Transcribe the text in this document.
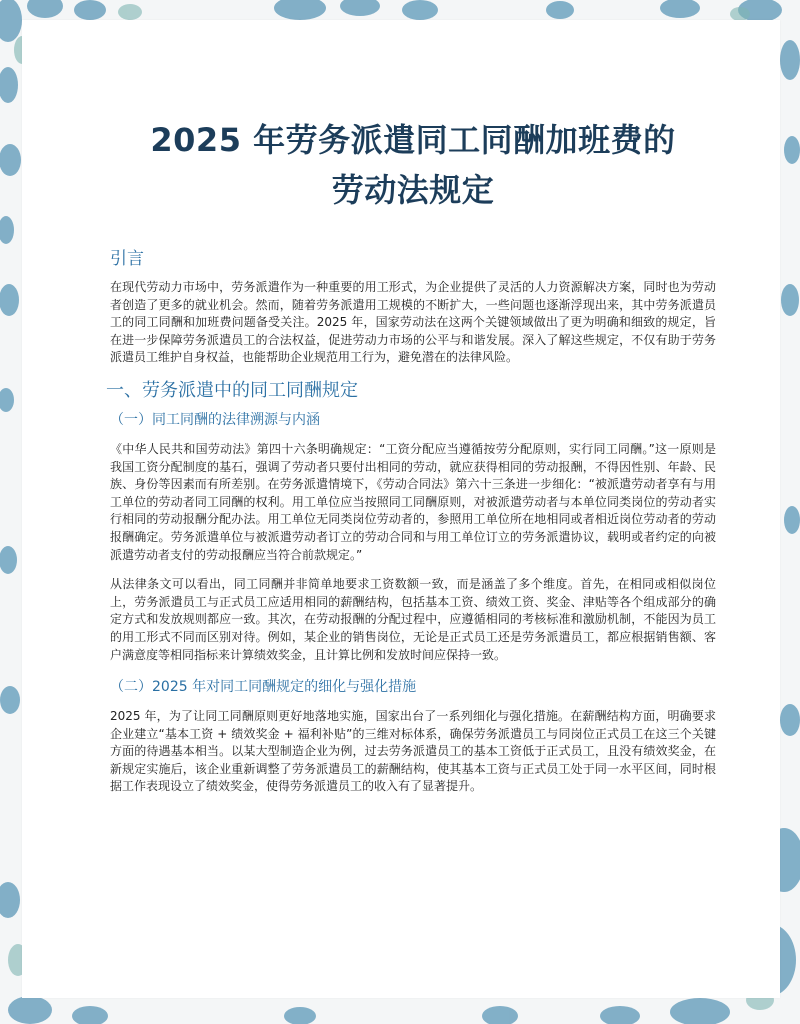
2025 年劳务派遣同工同酬加班费的
劳动法规定
引言

在现代劳动力市场中，劳务派遣作为一种重要的用工形式，为企业提供了灵活的人力资源解决方案，同时也为劳动者创造了更多的就业机会。然而，随着劳务派遣用工规模的不断扩大，一些问题也逐渐浮现出来，其中劳务派遣员工的同工同酬和加班费问题备受关注。2025 年，国家劳动法在这两个关键领域做出了更为明确和细致的规定，旨在进一步保障劳务派遣员工的合法权益，促进劳动力市场的公平与和谐发展。深入了解这些规定，不仅有助于劳务派遣员工维护自身权益，也能帮助企业规范用工行为，避免潜在的法律风险。

一、劳务派遣中的同工同酬规定
（一）同工同酬的法律溯源与内涵

《中华人民共和国劳动法》第四十六条明确规定：“工资分配应当遵循按劳分配原则，实行同工同酬。”这一原则是我国工资分配制度的基石，强调了劳动者只要付出相同的劳动，就应获得相同的劳动报酬，不得因性别、年龄、民族、身份等因素而有所差别。在劳务派遣情境下，《劳动合同法》第六十三条进一步细化：“被派遣劳动者享有与用工单位的劳动者同工同酬的权利。用工单位应当按照同工同酬原则，对被派遣劳动者与本单位同类岗位的劳动者实行相同的劳动报酬分配办法。用工单位无同类岗位劳动者的，参照用工单位所在地相同或者相近岗位劳动者的劳动报酬确定。劳务派遣单位与被派遣劳动者订立的劳动合同和与用工单位订立的劳务派遣协议，载明或者约定的向被派遣劳动者支付的劳动报酬应当符合前款规定。”

从法律条文可以看出，同工同酬并非简单地要求工资数额一致，而是涵盖了多个维度。首先，在相同或相似岗位上，劳务派遣员工与正式员工应适用相同的薪酬结构，包括基本工资、绩效工资、奖金、津贴等各个组成部分的确定方式和发放规则都应一致。其次，在劳动报酬的分配过程中，应遵循相同的考核标准和激励机制，不能因为员工的用工形式不同而区别对待。例如，某企业的销售岗位，无论是正式员工还是劳务派遣员工，都应根据销售额、客户满意度等相同指标来计算绩效奖金，且计算比例和发放时间应保持一致。

（二）2025 年对同工同酬规定的细化与强化措施

2025 年，为了让同工同酬原则更好地落地实施，国家出台了一系列细化与强化措施。在薪酬结构方面，明确要求企业建立“基本工资 + 绩效奖金 + 福利补贴”的三维对标体系，确保劳务派遣员工与同岗位正式员工在这三个关键方面的待遇基本相当。以某大型制造企业为例，过去劳务派遣员工的基本工资低于正式员工，且没有绩效奖金，在新规定实施后，该企业重新调整了劳务派遣员工的薪酬结构，使其基本工资与正式员工处于同一水平区间，同时根据工作表现设立了绩效奖金，使得劳务派遣员工的收入有了显著提升。
